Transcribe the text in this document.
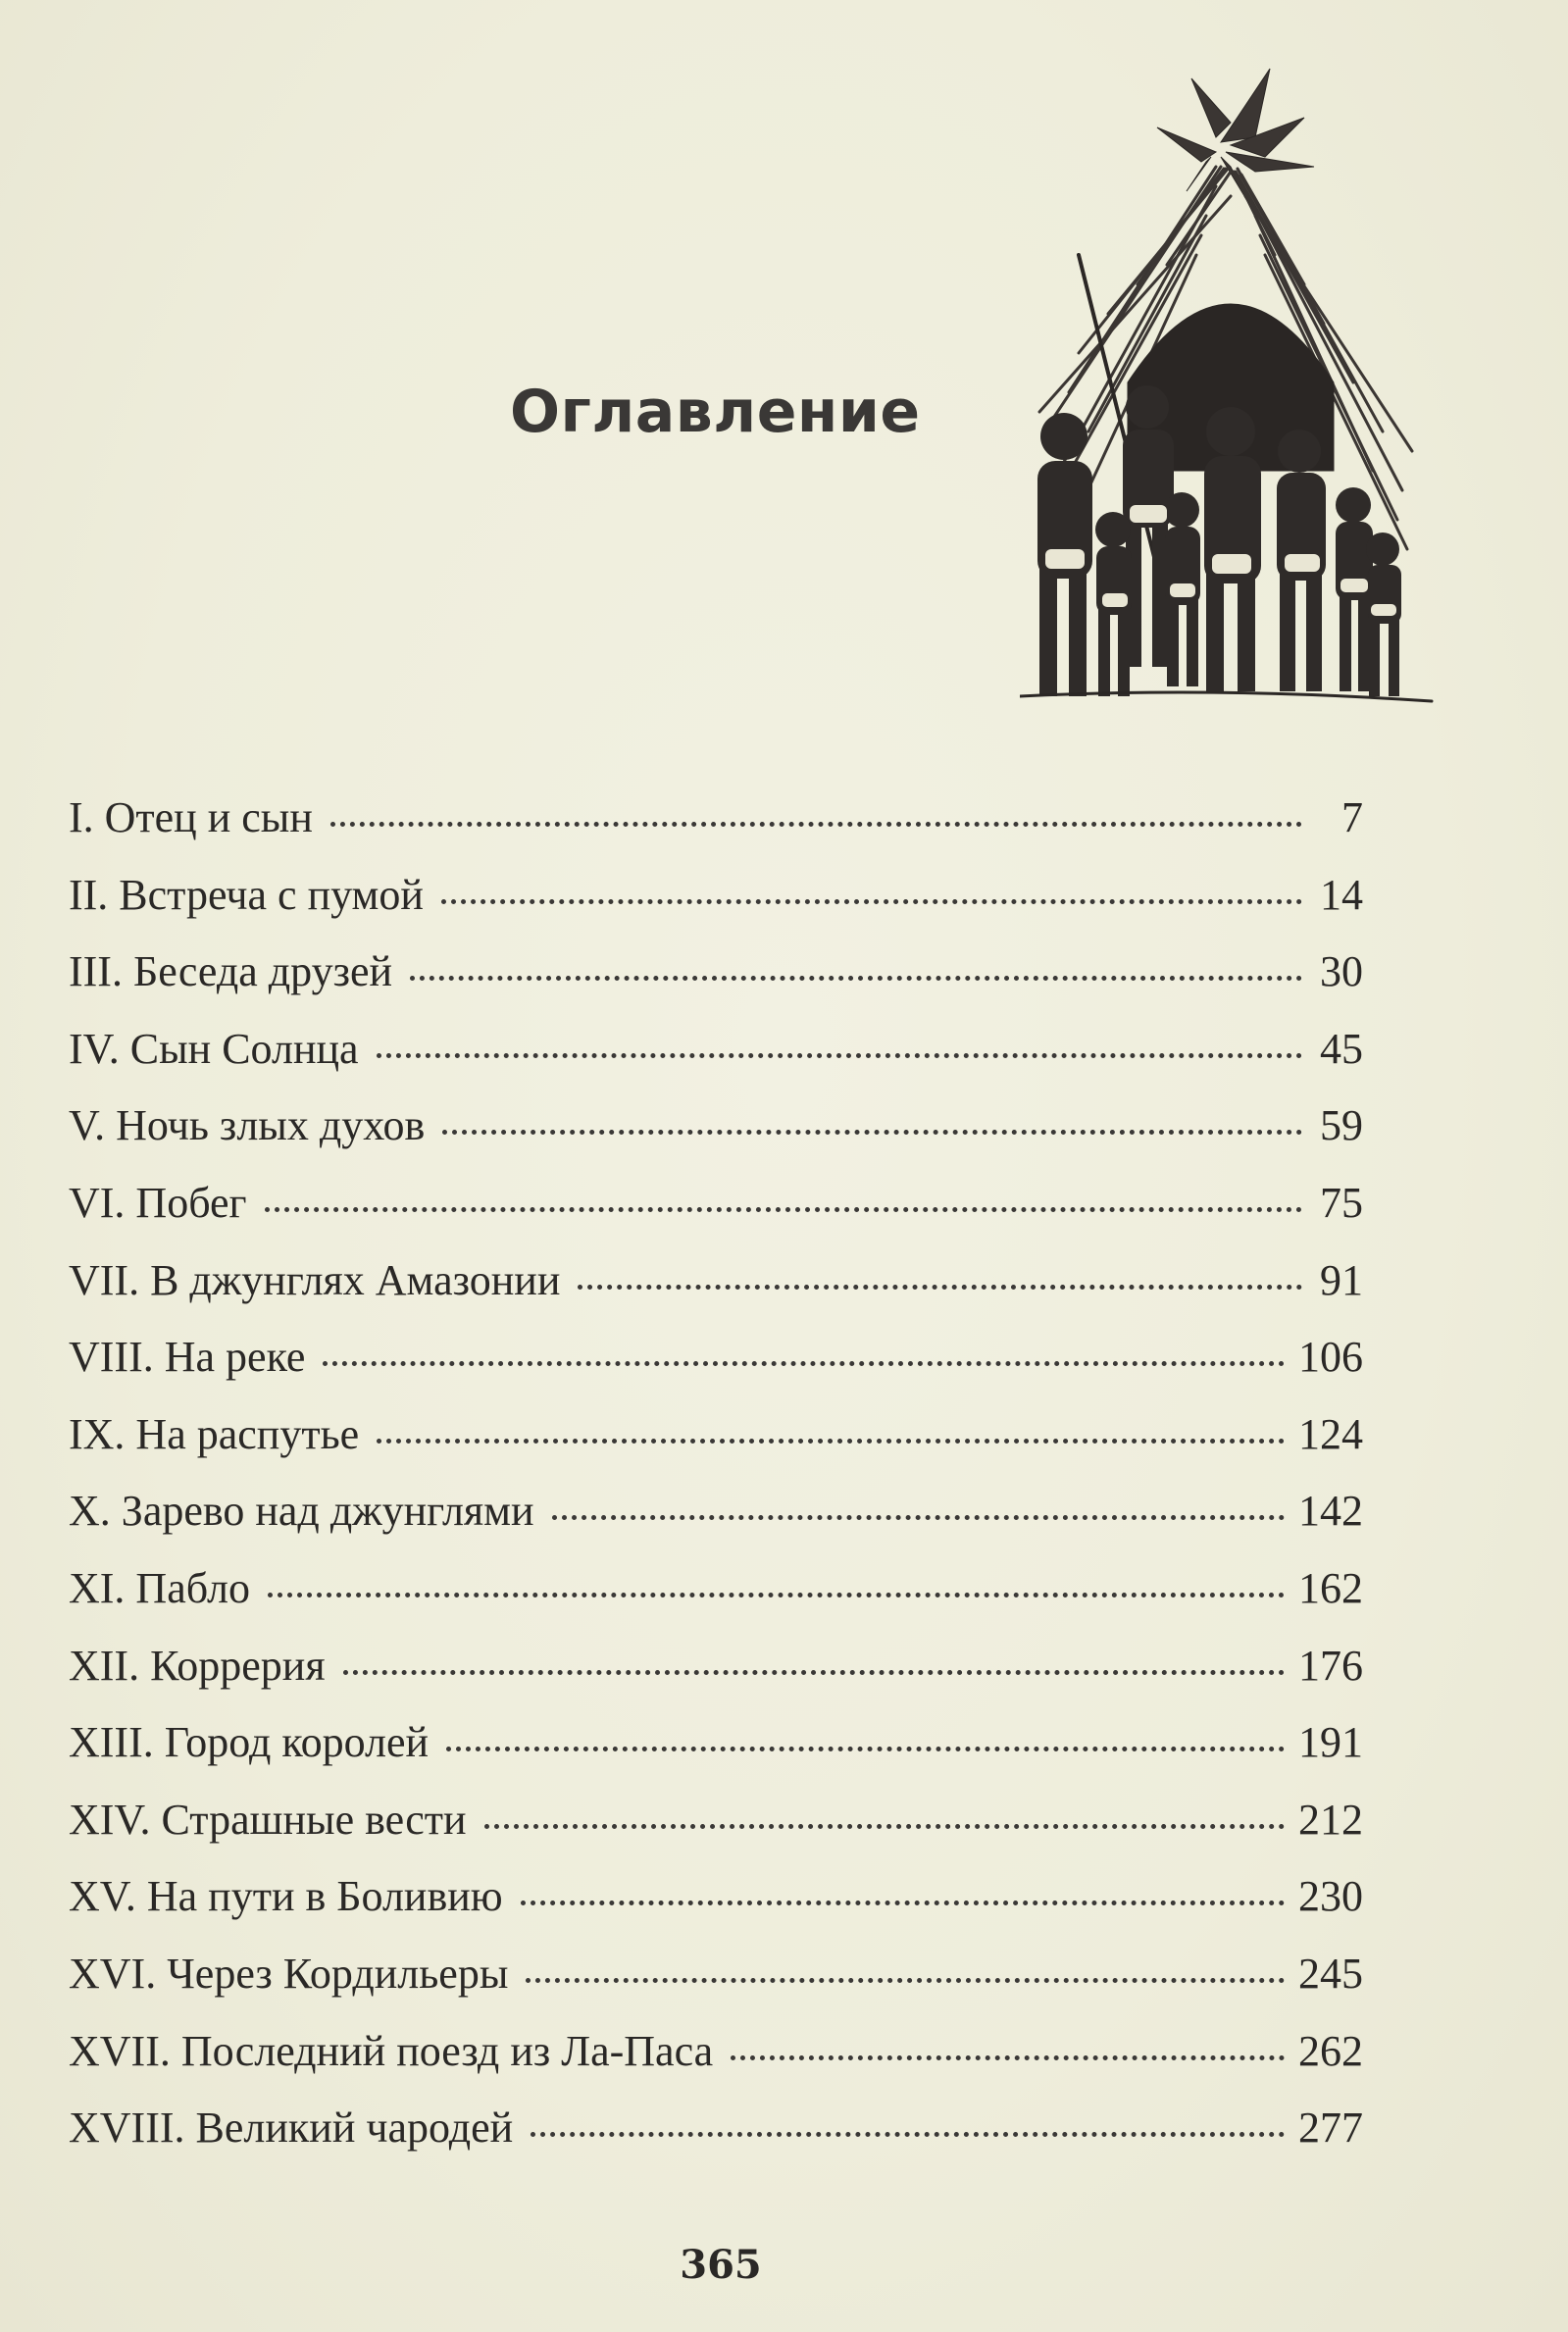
Оглавление
I. Отец и сын	7
II. Встреча с пумой	14
III. Беседа друзей	30
IV. Сын Солнца	45
V. Ночь злых духов	59
VI. Побег	75
VII. В джунглях Амазонии	91
VIII. На реке	106
IX. На распутье	124
X. Зарево над джунглями	142
XI. Пабло	162
XII. Коррерия	176
XIII. Город королей	191
XIV. Страшные вести	212
XV. На пути в Боливию	230
XVI. Через Кордильеры	245
XVII. Последний поезд из Ла-Паса	262
XVIII. Великий чародей	277
365
